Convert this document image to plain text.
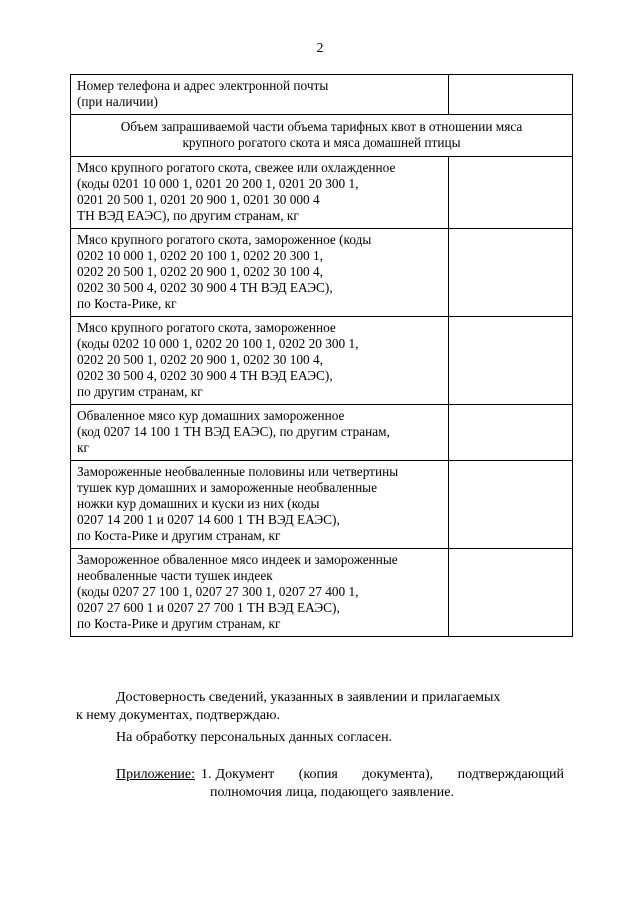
2
Номер телефона и адрес электронной почты
(при наличии)	

Объем запрашиваемой части объема тарифных квот в отношении мяса
крупного рогатого скота и мяса домашней птицы	

Мясо крупного рогатого скота, свежее или охлажденное
(коды 0201 10 000 1, 0201 20 200 1, 0201 20 300 1,
0201 20 500 1, 0201 20 900 1, 0201 30 000 4
ТН ВЭД ЕАЭС), по другим странам, кг	

Мясо крупного рогатого скота, замороженное (коды
0202 10 000 1, 0202 20 100 1, 0202 20 300 1,
0202 20 500 1, 0202 20 900 1, 0202 30 100 4,
0202 30 500 4, 0202 30 900 4 ТН ВЭД ЕАЭС),
по Коста-Рике, кг	

Мясо крупного рогатого скота, замороженное
(коды 0202 10 000 1, 0202 20 100 1, 0202 20 300 1,
0202 20 500 1, 0202 20 900 1, 0202 30 100 4,
0202 30 500 4, 0202 30 900 4 ТН ВЭД ЕАЭС),
по другим странам, кг	

Обваленное мясо кур домашних замороженное
(код 0207 14 100 1 ТН ВЭД ЕАЭС), по другим странам,
кг	

Замороженные необваленные половины или четвертины
тушек кур домашних и замороженные необваленные
ножки кур домашних и куски из них (коды
0207 14 200 1 и 0207 14 600 1 ТН ВЭД ЕАЭС),
по Коста-Рике и другим странам, кг	

Замороженное обваленное мясо индеек и замороженные
необваленные части тушек индеек
(коды 0207 27 100 1, 0207 27 300 1, 0207 27 400 1,
0207 27 600 1 и 0207 27 700 1 ТН ВЭД ЕАЭС),
по Коста-Рике и другим странам, кг	

Достоверность сведений, указанных в заявлении и прилагаемых
к нему документах, подтверждаю.
На обработку персональных данных согласен.
Приложение: 1. Документ (копия документа), подтверждающий
полномочия лица, подающего заявление.
